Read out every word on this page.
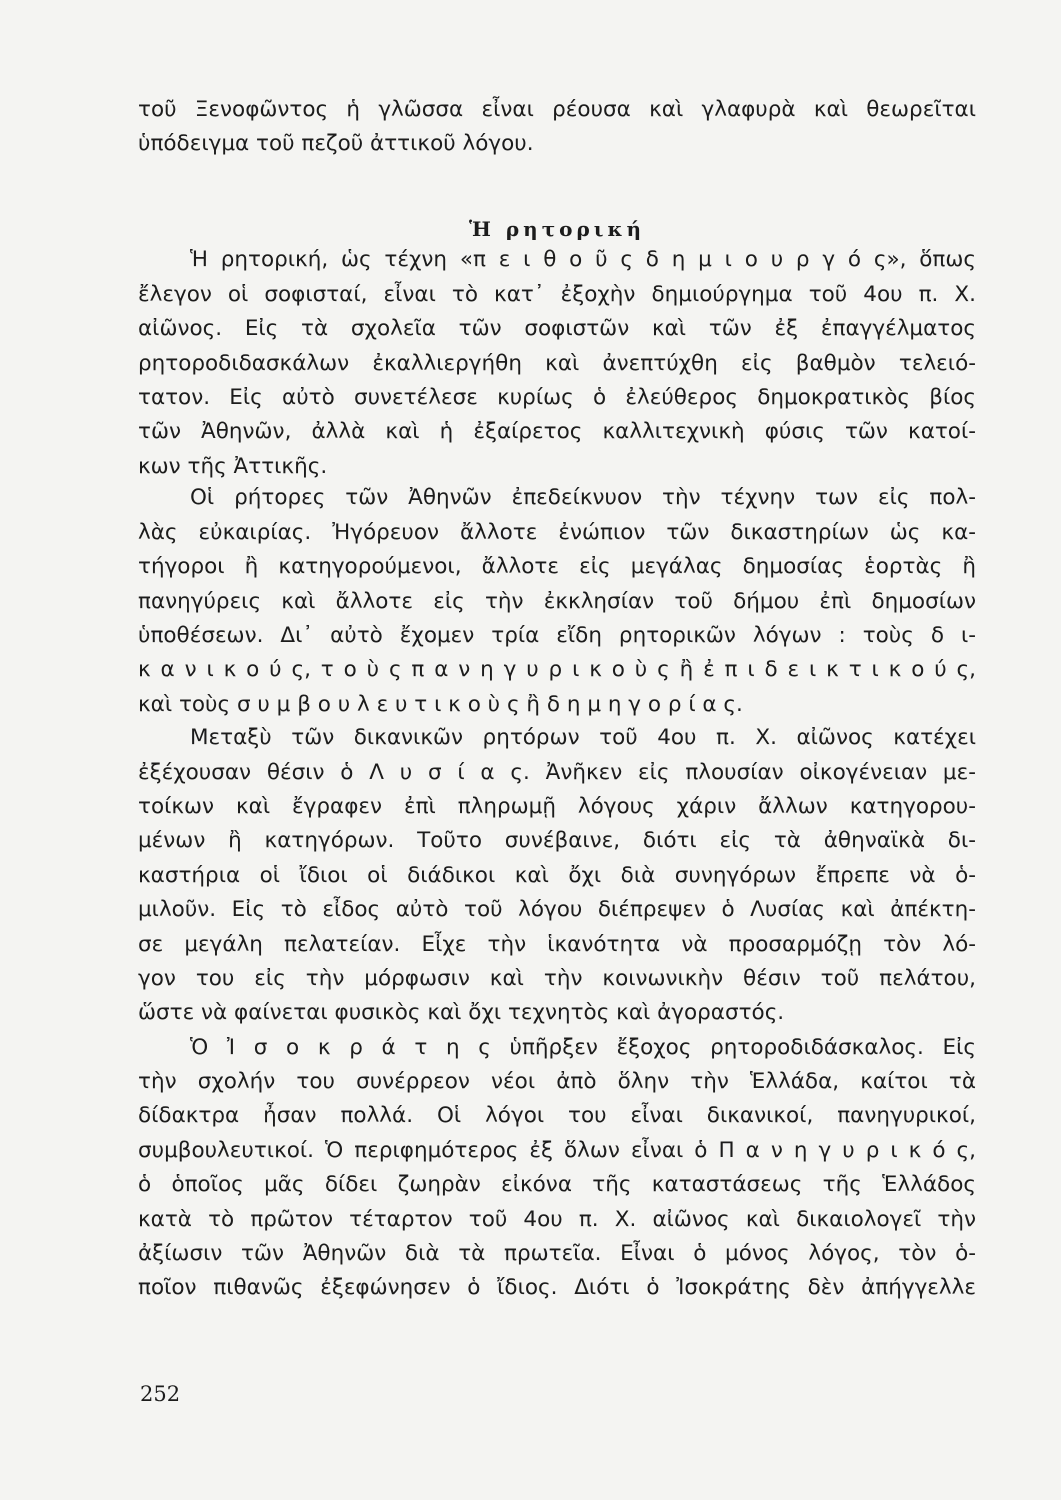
Ἡ ρητορική
τοῦ Ξενοφῶντος ἡ γλῶσσα εἶναι ρέουσα καὶ γλαφυρὰ καὶ θεωρεῖται
ὑπόδειγμα τοῦ πεζοῦ ἀττικοῦ λόγου.
Ἡ ρητορική, ὡς τέχνη «π ε ι θ ο ῦ ς δ η μ ι ο υ ρ γ ό ς», ὅπως
ἔλεγον οἱ σοφισταί, εἶναι τὸ κατ᾿ ἐξοχὴν δημιούργημα τοῦ 4ου π. Χ.
αἰῶνος. Εἰς τὰ σχολεῖα τῶν σοφιστῶν καὶ τῶν ἐξ ἐπαγγέλματος
ρητοροδιδασκάλων ἐκαλλιεργήθη καὶ ἀνεπτύχθη εἰς βαθμὸν τελειό-
τατον. Εἰς αὐτὸ συνετέλεσε κυρίως ὁ ἐλεύθερος δημοκρατικὸς βίος
τῶν Ἀθηνῶν, ἀλλὰ καὶ ἡ ἐξαίρετος καλλιτεχνικὴ φύσις τῶν κατοί-
κων τῆς Ἀττικῆς.
Οἱ ρήτορες τῶν Ἀθηνῶν ἐπεδείκνυον τὴν τέχνην των εἰς πολ-
λὰς εὐκαιρίας. Ἠγόρευον ἄλλοτε ἐνώπιον τῶν δικαστηρίων ὡς κα-
τήγοροι ἢ κατηγορούμενοι, ἄλλοτε εἰς μεγάλας δημοσίας ἑορτὰς ἢ
πανηγύρεις καὶ ἄλλοτε εἰς τὴν ἐκκλησίαν τοῦ δήμου ἐπὶ δημοσίων
ὑποθέσεων. Δι᾿ αὐτὸ ἔχομεν τρία εἴδη ρητορικῶν λόγων : τοὺς δ ι-
κ α ν ι κ ο ύ ς, τ ο ὺ ς π α ν η γ υ ρ ι κ ο ὺ ς ἢ ἐ π ι δ ε ι κ τ ι κ ο ύ ς,
καὶ τοὺς σ υ μ β ο υ λ ε υ τ ι κ ο ὺ ς ἢ δ η μ η γ ο ρ ί α ς.
Μεταξὺ τῶν δικανικῶν ρητόρων τοῦ 4ου π. Χ. αἰῶνος κατέχει
ἐξέχουσαν θέσιν ὁ Λ υ σ ί α ς. Ἀνῆκεν εἰς πλουσίαν οἰκογένειαν με-
τοίκων καὶ ἔγραφεν ἐπὶ πληρωμῇ λόγους χάριν ἄλλων κατηγορου-
μένων ἢ κατηγόρων. Τοῦτο συνέβαινε, διότι εἰς τὰ ἀθηναϊκὰ δι-
καστήρια οἱ ἴδιοι οἱ διάδικοι καὶ ὄχι διὰ συνηγόρων ἔπρεπε νὰ ὁ-
μιλοῦν. Εἰς τὸ εἶδος αὐτὸ τοῦ λόγου διέπρεψεν ὁ Λυσίας καὶ ἀπέκτη-
σε μεγάλη πελατείαν. Εἶχε τὴν ἱκανότητα νὰ προσαρμόζῃ τὸν λό-
γον του εἰς τὴν μόρφωσιν καὶ τὴν κοινωνικὴν θέσιν τοῦ πελάτου,
ὥστε νὰ φαίνεται φυσικὸς καὶ ὄχι τεχνητὸς καὶ ἀγοραστός.
Ὁ Ἰ σ ο κ ρ ά τ η ς ὑπῆρξεν ἔξοχος ρητοροδιδάσκαλος. Εἰς
τὴν σχολήν του συνέρρεον νέοι ἀπὸ ὅλην τὴν Ἑλλάδα, καίτοι τὰ
δίδακτρα ἦσαν πολλά. Οἱ λόγοι του εἶναι δικανικοί, πανηγυρικοί,
συμβουλευτικοί. Ὁ περιφημότερος ἐξ ὅλων εἶναι ὁ Π α ν η γ υ ρ ι κ ό ς,
ὁ ὁποῖος μᾶς δίδει ζωηρὰν εἰκόνα τῆς καταστάσεως τῆς Ἑλλάδος
κατὰ τὸ πρῶτον τέταρτον τοῦ 4ου π. Χ. αἰῶνος καὶ δικαιολογεῖ τὴν
ἀξίωσιν τῶν Ἀθηνῶν διὰ τὰ πρωτεῖα. Εἶναι ὁ μόνος λόγος, τὸν ὁ-
ποῖον πιθανῶς ἐξεφώνησεν ὁ ἴδιος. Διότι ὁ Ἰσοκράτης δὲν ἀπήγγελλε
252
